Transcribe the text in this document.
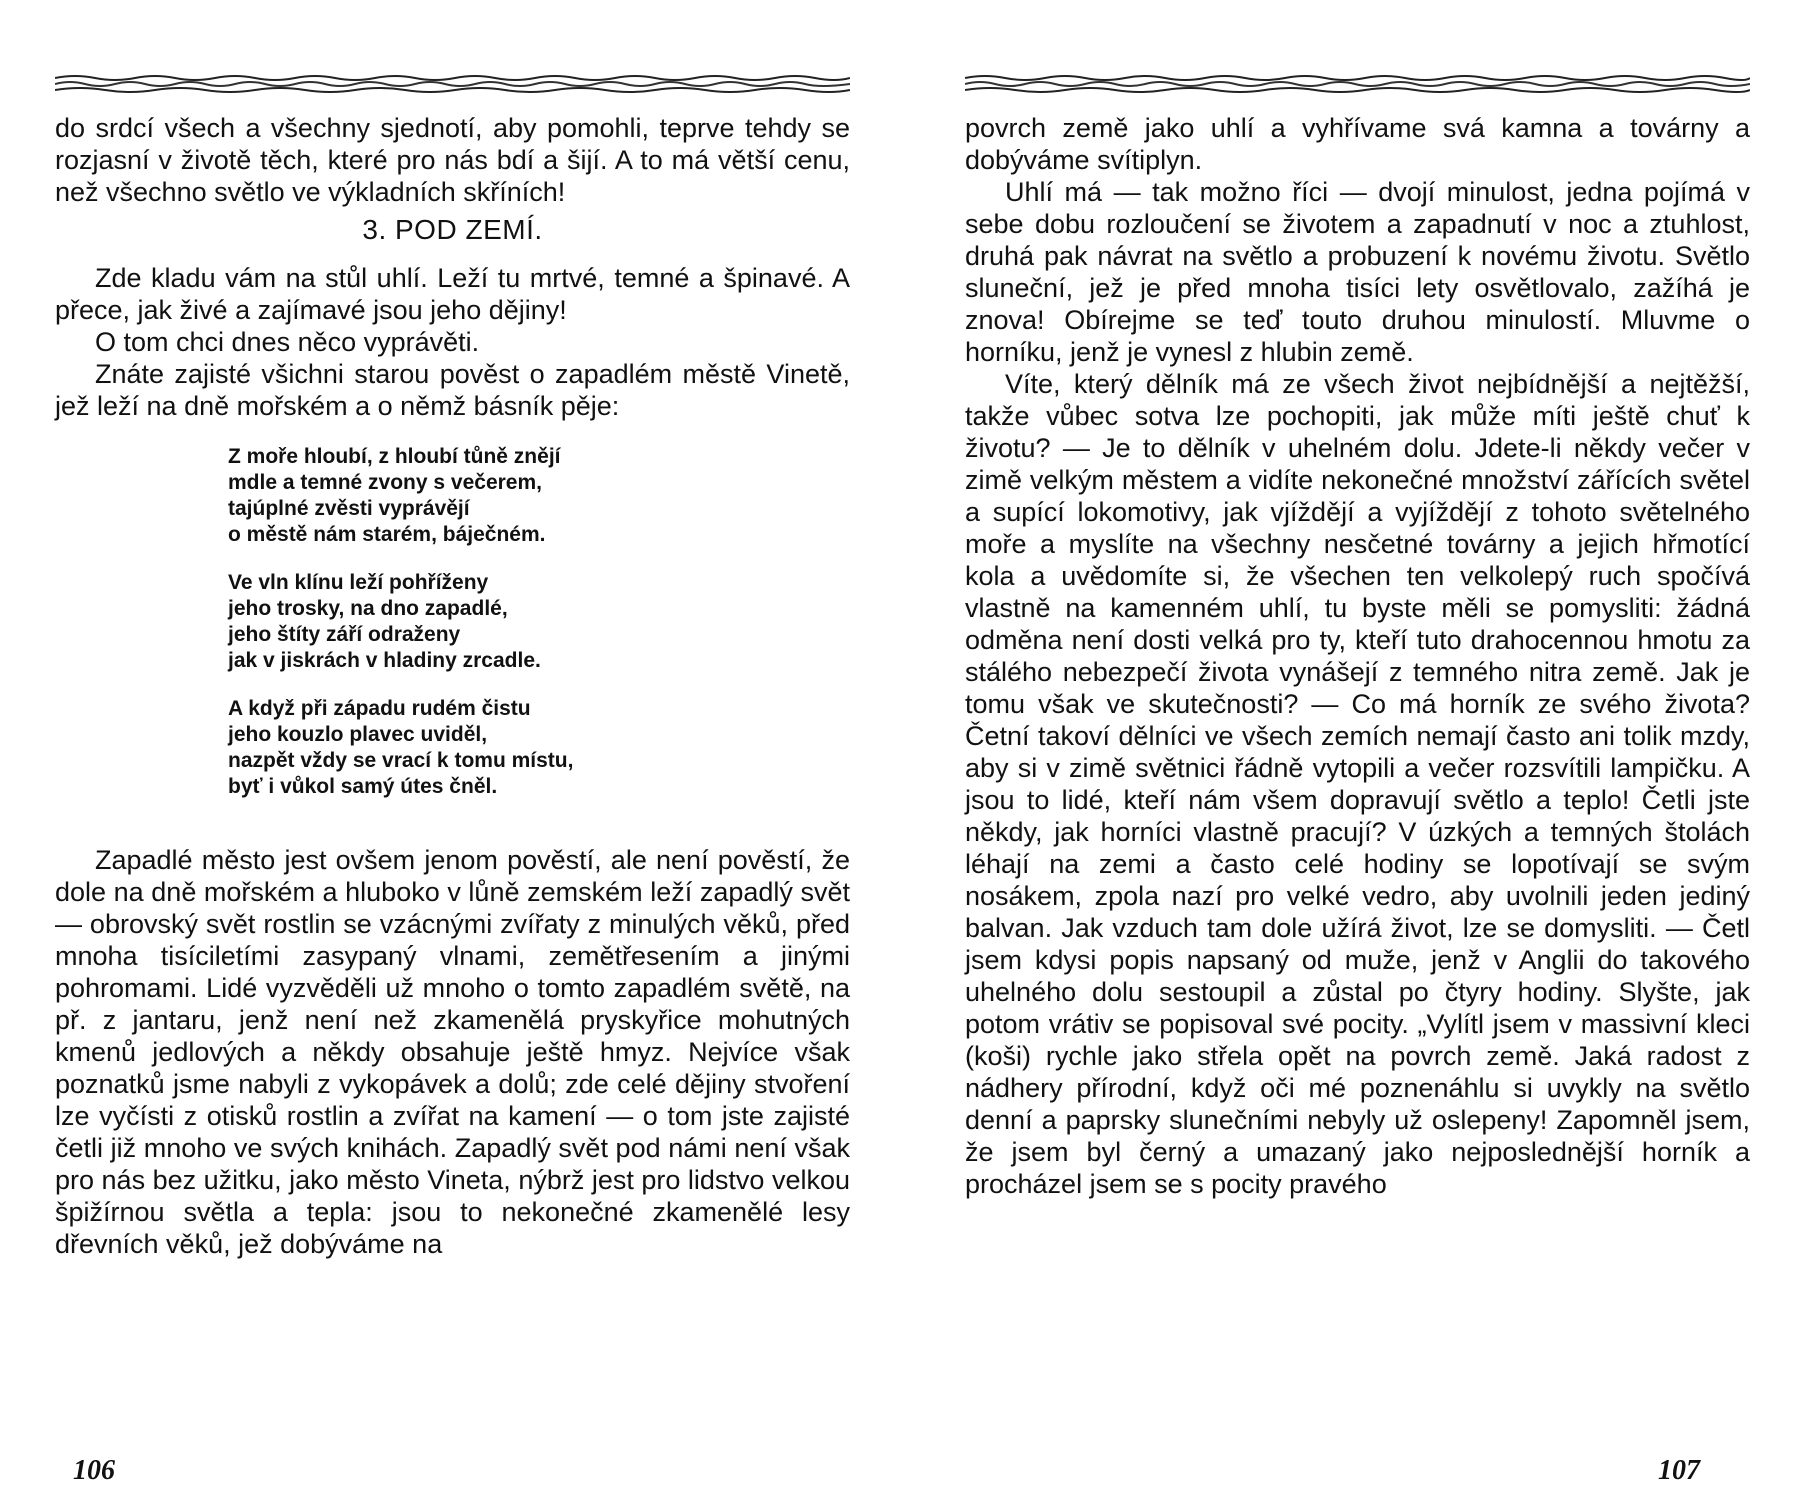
do srdcí všech a všechny sjednotí, aby pomohli, teprve tehdy se rozjasní v životě těch, které pro nás bdí a šijí. A to má větší cenu, než všechno světlo ve výkladních skříních!

3. POD ZEMÍ.

Zde kladu vám na stůl uhlí. Leží tu mrtvé, temné a špinavé. A přece, jak živé a zajímavé jsou jeho dějiny!

O tom chci dnes něco vyprávěti.

Znáte zajisté všichni starou pověst o zapadlém městě Vinetě, jež leží na dně mořském a o němž básník pěje:

Z moře hloubí, z hloubí tůně znějí
mdle a temné zvony s večerem,
tajúplné zvěsti vyprávějí
o městě nám starém, báječném.
Ve vln klínu leží pohříženy
jeho trosky, na dno zapadlé,
jeho štíty září odraženy
jak v jiskrách v hladiny zrcadle.
A když při západu rudém čistu
jeho kouzlo plavec uviděl,
nazpět vždy se vrací k tomu místu,
byť i vůkol samý útes čněl.

Zapadlé město jest ovšem jenom pověstí, ale není pověstí, že dole na dně mořském a hluboko v lůně zemském leží zapadlý svět — obrovský svět rostlin se vzácnými zvířaty z minulých věků, před mnoha tisíciletími zasypaný vlnami, zemětřesením a jinými pohromami. Lidé vyzvěděli už mnoho o tomto zapadlém světě, na př. z jantaru, jenž není než zkamenělá pryskyřice mohutných kmenů jedlových a někdy obsahuje ještě hmyz. Nejvíce však poznatků jsme nabyli z vykopávek a dolů; zde celé dějiny stvoření lze vyčísti z otisků rostlin a zvířat na kamení — o tom jste zajisté četli již mnoho ve svých knihách. Zapadlý svět pod námi není však pro nás bez užitku, jako město Vineta, nýbrž jest pro lidstvo velkou špižírnou světla a tepla: jsou to nekonečné zkamenělé lesy dřevních věků, jež dobýváme na

106

povrch země jako uhlí a vyhřívame svá kamna a továrny a dobýváme svítiplyn.

Uhlí má — tak možno říci — dvojí minulost, jedna pojímá v sebe dobu rozloučení se životem a zapadnutí v noc a ztuhlost, druhá pak návrat na světlo a probuzení k novému životu. Světlo sluneční, jež je před mnoha tisíci lety osvětlovalo, zažíhá je znova! Obírejme se teď touto druhou minulostí. Mluvme o horníku, jenž je vynesl z hlubin země.

Víte, který dělník má ze všech život nejbídnější a nejtěžší, takže vůbec sotva lze pochopiti, jak může míti ještě chuť k životu? — Je to dělník v uhelném dolu. Jdete-li někdy večer v zimě velkým městem a vidíte nekonečné množství zářících světel a supící lokomotivy, jak vjíždějí a vyjíždějí z tohoto světelného moře a myslíte na všechny nesčetné továrny a jejich hřmotící kola a uvědomíte si, že všechen ten velkolepý ruch spočívá vlastně na kamenném uhlí, tu byste měli se pomysliti: žádná odměna není dosti velká pro ty, kteří tuto drahocennou hmotu za stálého nebezpečí života vynášejí z temného nitra země. Jak je tomu však ve skutečnosti? — Co má horník ze svého života? Četní takoví dělníci ve všech zemích nemají často ani tolik mzdy, aby si v zimě světnici řádně vytopili a večer rozsvítili lampičku. A jsou to lidé, kteří nám všem dopravují světlo a teplo! Četli jste někdy, jak horníci vlastně pracují? V úzkých a temných štolách léhají na zemi a často celé hodiny se lopotívají se svým nosákem, zpola nazí pro velké vedro, aby uvolnili jeden jediný balvan. Jak vzduch tam dole užírá život, lze se domysliti. — Četl jsem kdysi popis napsaný od muže, jenž v Anglii do takového uhelného dolu sestoupil a zůstal po čtyry hodiny. Slyšte, jak potom vrátiv se popisoval své pocity. „Vylítl jsem v massivní kleci (koši) rychle jako střela opět na povrch země. Jaká radost z nádhery přírodní, když oči mé poznenáhlu si uvykly na světlo denní a paprsky slunečními nebyly už oslepeny! Zapomněl jsem, že jsem byl černý a umazaný jako nejposlednější horník a procházel jsem se s pocity pravého

107
